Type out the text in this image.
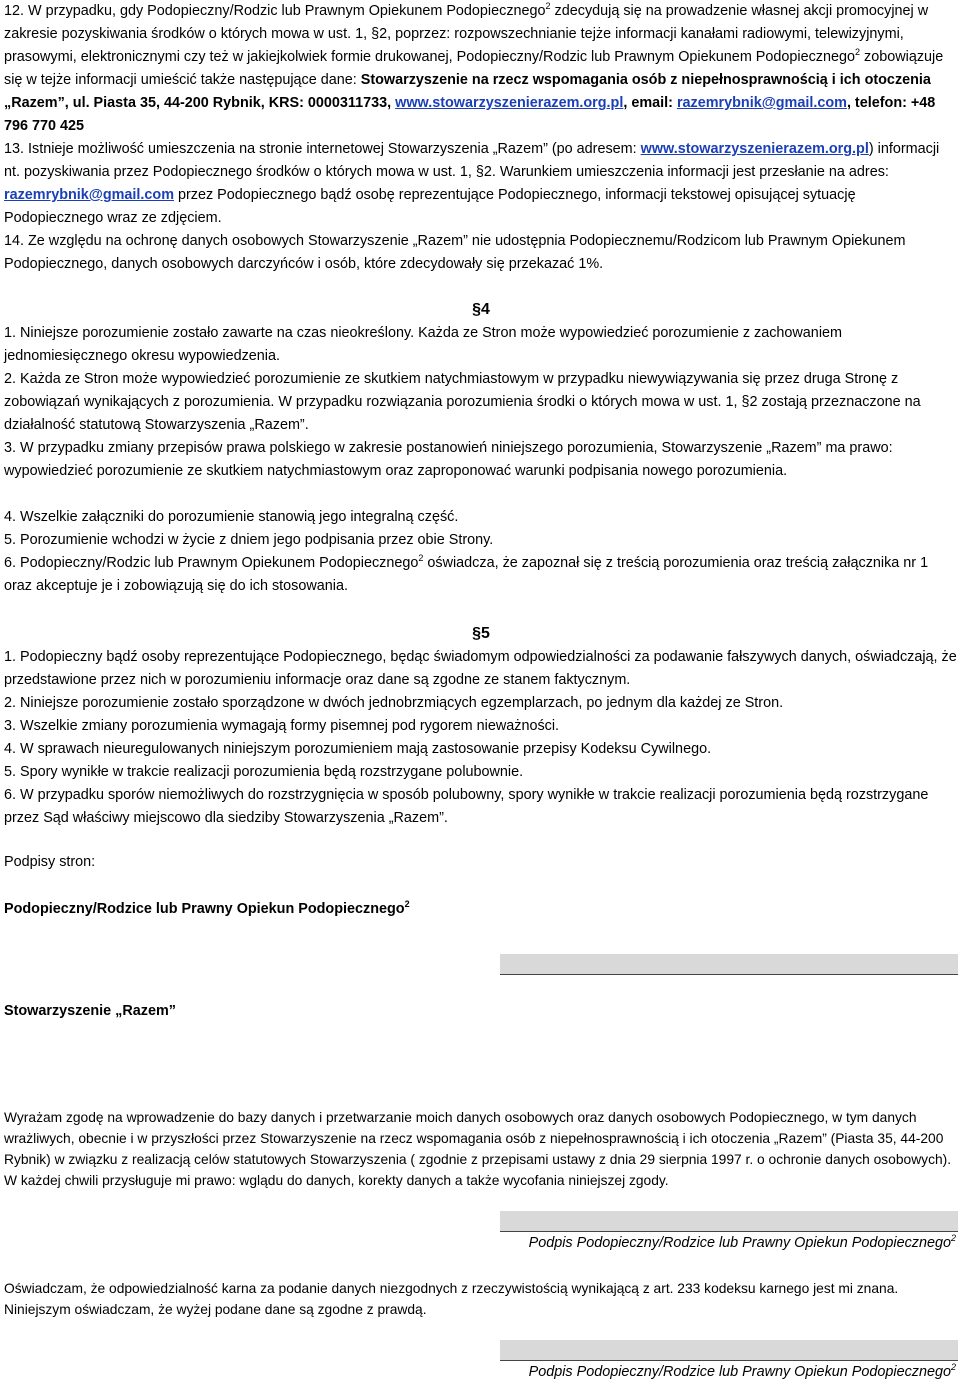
12. W przypadku, gdy Podopieczny/Rodzic lub Prawnym Opiekunem Podopiecznego$^2$ zdecydują się na prowadzenie własnej akcji promocyjnej w zakresie pozyskiwania środków o których mowa w ust. 1, §2, poprzez: rozpowszechnianie tejże informacji kanałami radiowymi, telewizyjnymi, prasowymi, elektronicznymi czy też w jakiejkolwiek formie drukowanej, Podopieczny/Rodzic lub Prawnym Opiekunem Podopiecznego$^2$ zobowiązuje się w tejże informacji umieścić także następujące dane: Stowarzyszenie na rzecz wspomagania osób z niepełnosprawnością i ich otoczenia „Razem”, ul. Piasta 35, 44-200 Rybnik, KRS: 0000311733, www.stowarzyszenierazem.org.pl, email: razemrybnik@gmail.com, telefon: +48 796 770 425

13. Istnieje możliwość umieszczenia na stronie internetowej Stowarzyszenia „Razem” (po adresem: www.stowarzyszenierazem.org.pl) informacji nt. pozyskiwania przez Podopiecznego środków o których mowa w ust. 1, §2. Warunkiem umieszczenia informacji jest przesłanie na adres: razemrybnik@gmail.com przez Podopiecznego bądź osobę reprezentujące Podopiecznego, informacji tekstowej opisującej sytuację Podopiecznego wraz ze zdjęciem.

14. Ze względu na ochronę danych osobowych Stowarzyszenie „Razem” nie udostępnia Podopiecznemu/Rodzicom lub Prawnym Opiekunem Podopiecznego, danych osobowych darczyńców i osób, które zdecydowały się przekazać 1%.

§4

1. Niniejsze porozumienie zostało zawarte na czas nieokreślony. Każda ze Stron może wypowiedzieć porozumienie z zachowaniem jednomiesięcznego okresu wypowiedzenia.

2. Każda ze Stron może wypowiedzieć porozumienie ze skutkiem natychmiastowym w przypadku niewywiązywania się przez druga Stronę z zobowiązań wynikających z porozumienia. W przypadku rozwiązania porozumienia środki o których mowa w ust. 1, §2 zostają przeznaczone na działalność statutową Stowarzyszenia „Razem”.

3. W przypadku zmiany przepisów prawa polskiego w zakresie postanowień niniejszego porozumienia, Stowarzyszenie „Razem” ma prawo: wypowiedzieć porozumienie ze skutkiem natychmiastowym oraz zaproponować warunki podpisania nowego porozumienia.

4. Wszelkie załączniki do porozumienie stanowią jego integralną część.

5. Porozumienie wchodzi w życie z dniem jego podpisania przez obie Strony.

6. Podopieczny/Rodzic lub Prawnym Opiekunem Podopiecznego$^2$ oświadcza, że zapoznał się z treścią porozumienia oraz treścią załącznika nr 1 oraz akceptuje je i zobowiązują się do ich stosowania.

§5

1. Podopieczny bądź osoby reprezentujące Podopiecznego, będąc świadomym odpowiedzialności za podawanie fałszywych danych, oświadczają, że przedstawione przez nich w porozumieniu informacje oraz dane są zgodne ze stanem faktycznym.

2. Niniejsze porozumienie zostało sporządzone w dwóch jednobrzmiących egzemplarzach, po jednym dla każdej ze Stron.

3. Wszelkie zmiany porozumienia wymagają formy pisemnej pod rygorem nieważności.

4. W sprawach nieuregulowanych niniejszym porozumieniem mają zastosowanie przepisy Kodeksu Cywilnego.

5. Spory wynikłe w trakcie realizacji porozumienia będą rozstrzygane polubownie.

6. W przypadku sporów niemożliwych do rozstrzygnięcia w sposób polubowny, spory wynikłe w trakcie realizacji porozumienia będą rozstrzygane przez Sąd właściwy miejscowo dla siedziby Stowarzyszenia „Razem”.

Podpisy stron:

Podopieczny/Rodzice lub Prawny Opiekun Podopiecznego$^2$

Stowarzyszenie „Razem”

Wyrażam zgodę na wprowadzenie do bazy danych i przetwarzanie moich danych osobowych oraz danych osobowych Podopiecznego, w tym danych wrażliwych, obecnie i w przyszłości przez Stowarzyszenie na rzecz wspomagania osób z niepełnosprawnością i ich otoczenia „Razem” (Piasta 35, 44-200 Rybnik) w związku z realizacją celów statutowych Stowarzyszenia ( zgodnie z przepisami ustawy z dnia 29 sierpnia 1997 r. o ochronie danych osobowych). W każdej chwili przysługuje mi prawo: wglądu do danych, korekty danych a także wycofania niniejszej zgody.

Podpis Podopieczny/Rodzice lub Prawny Opiekun Podopiecznego$^2$

Oświadczam, że odpowiedzialność karna za podanie danych niezgodnych z rzeczywistością wynikającą z art. 233 kodeksu karnego jest mi znana. Niniejszym oświadczam, że wyżej podane dane są zgodne z prawdą.

Podpis Podopieczny/Rodzice lub Prawny Opiekun Podopiecznego$^2$
